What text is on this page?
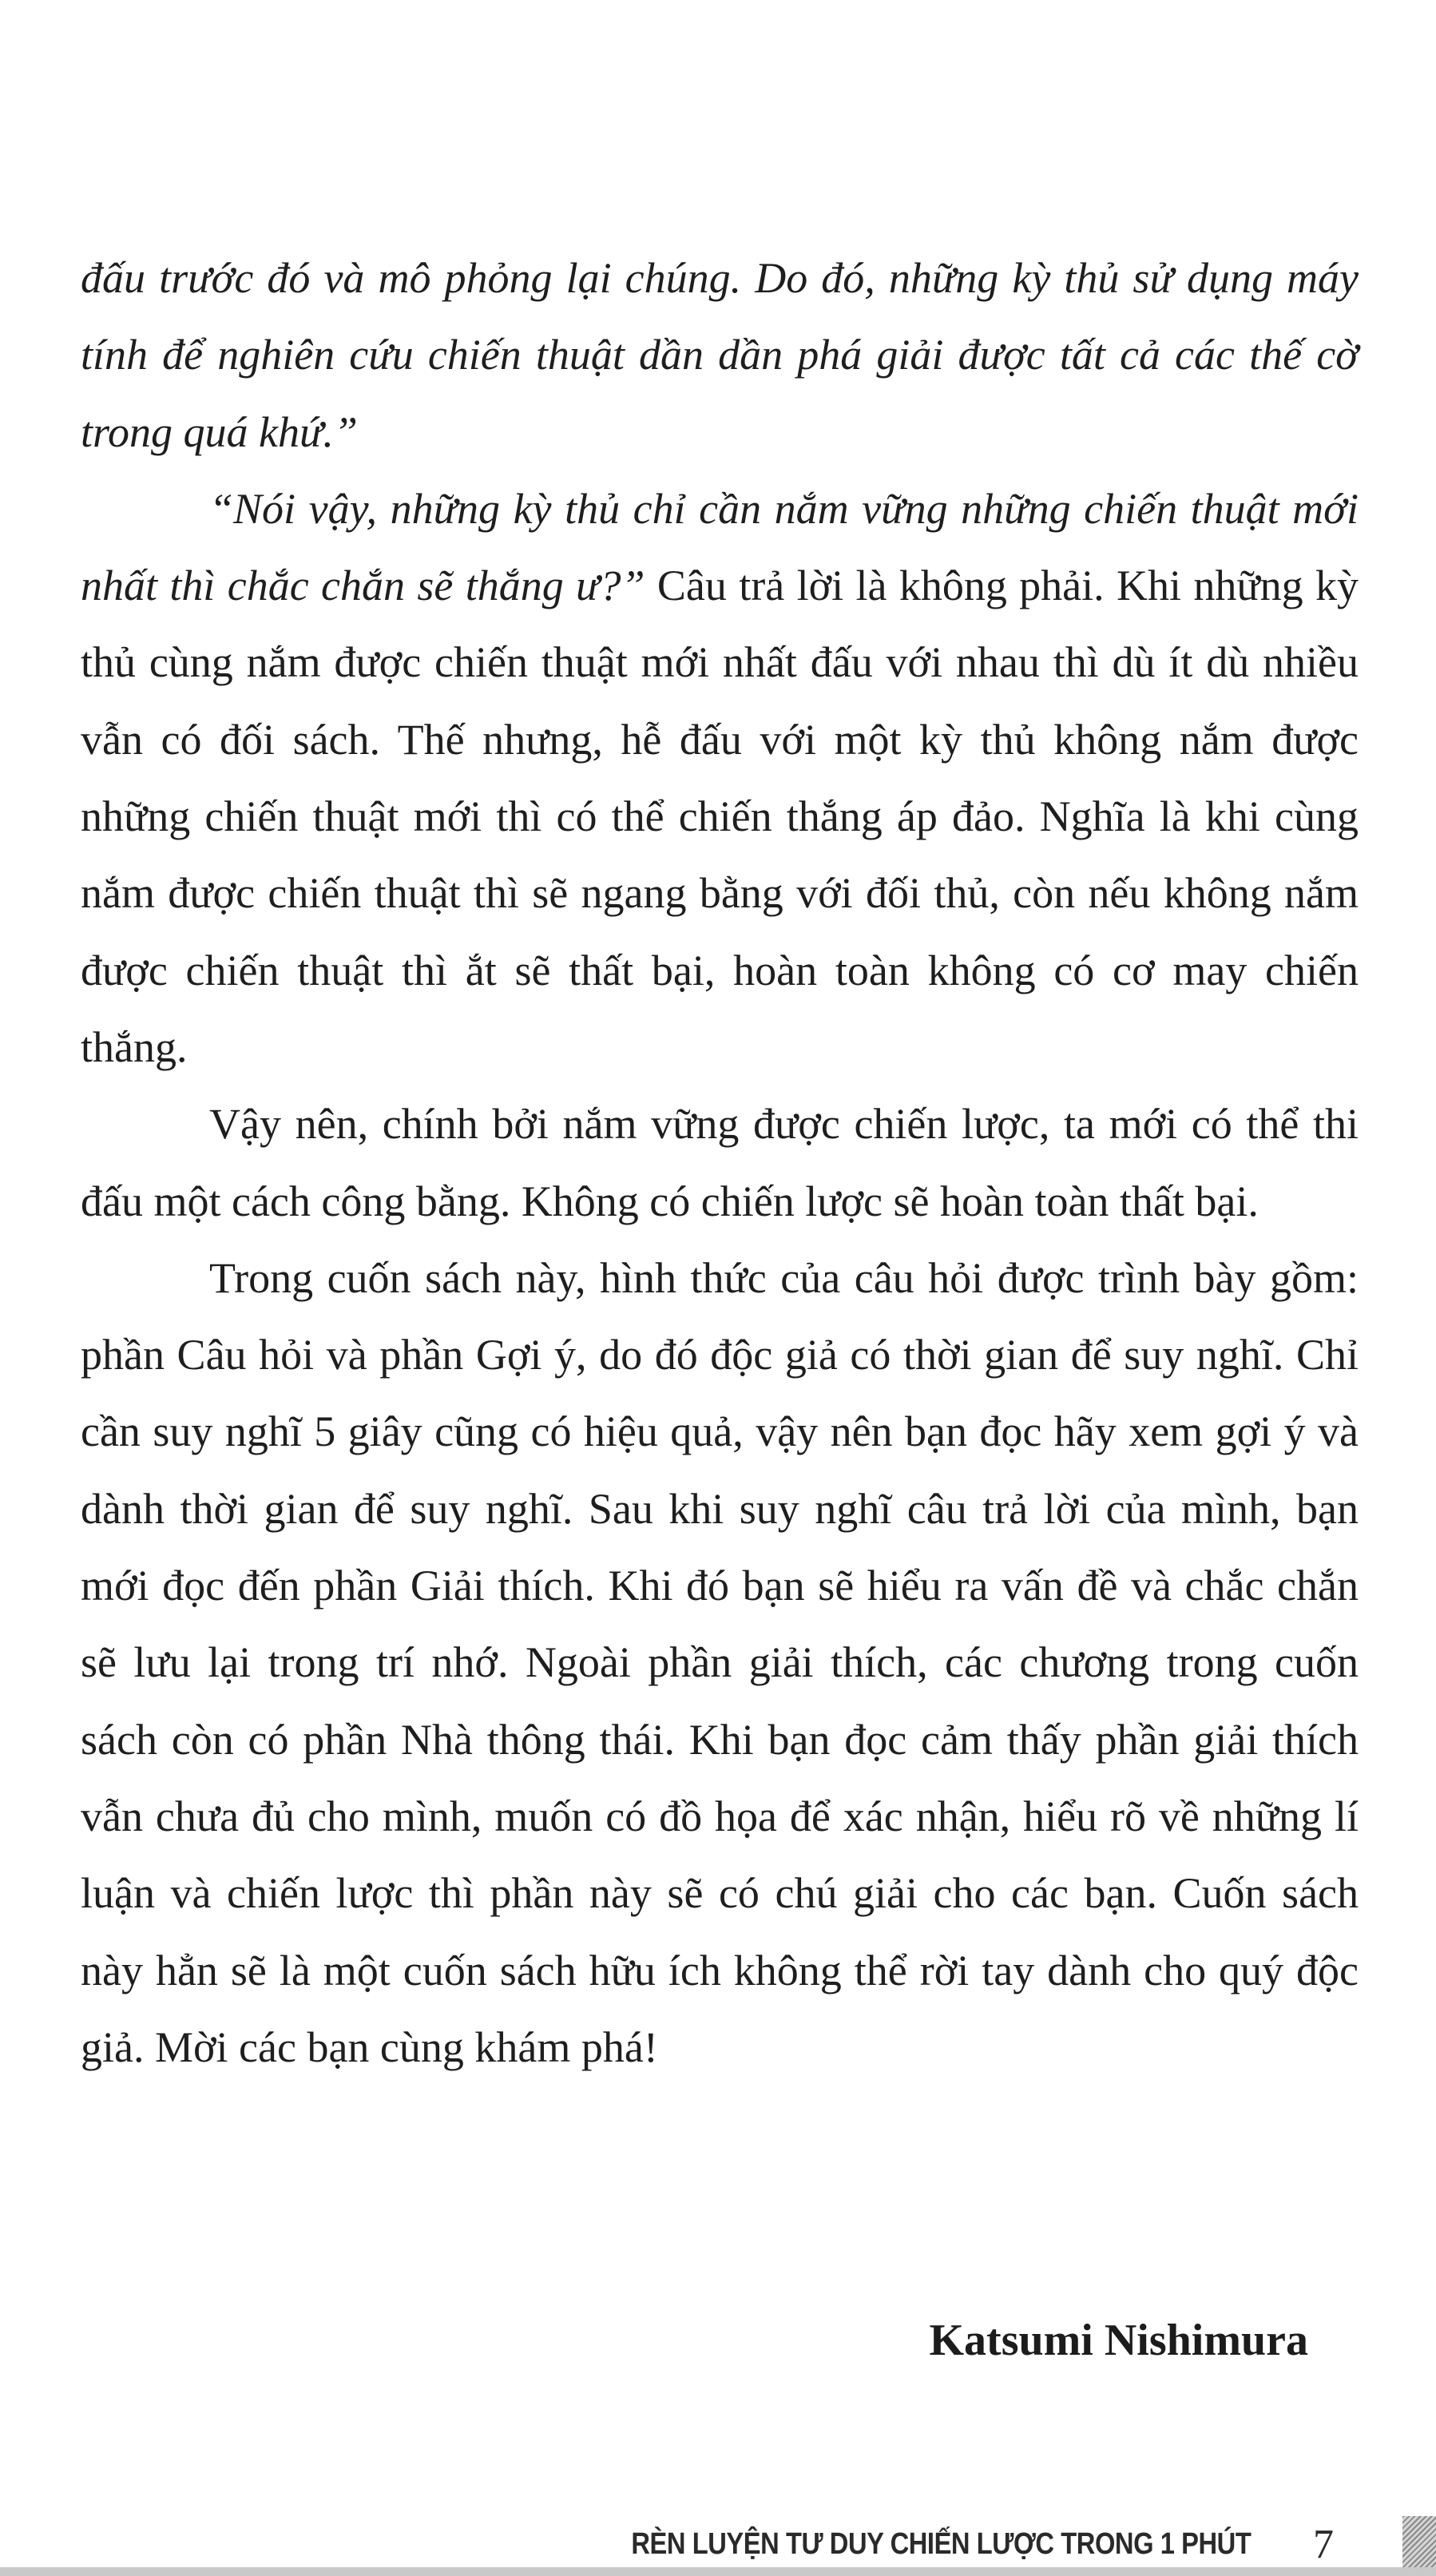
đấu trước đó và mô phỏng lại chúng. Do đó, những kỳ thủ sử dụng máy tính để nghiên cứu chiến thuật dần dần phá giải được tất cả các thế cờ trong quá khứ.”

“Nói vậy, những kỳ thủ chỉ cần nắm vững những chiến thuật mới nhất thì chắc chắn sẽ thắng ư?” Câu trả lời là không phải. Khi những kỳ thủ cùng nắm được chiến thuật mới nhất đấu với nhau thì dù ít dù nhiều vẫn có đối sách. Thế nhưng, hễ đấu với một kỳ thủ không nắm được những chiến thuật mới thì có thể chiến thắng áp đảo. Nghĩa là khi cùng nắm được chiến thuật thì sẽ ngang bằng với đối thủ, còn nếu không nắm được chiến thuật thì ắt sẽ thất bại, hoàn toàn không có cơ may chiến thắng.

Vậy nên, chính bởi nắm vững được chiến lược, ta mới có thể thi đấu một cách công bằng. Không có chiến lược sẽ hoàn toàn thất bại.

Trong cuốn sách này, hình thức của câu hỏi được trình bày gồm: phần Câu hỏi và phần Gợi ý, do đó độc giả có thời gian để suy nghĩ. Chỉ cần suy nghĩ 5 giây cũng có hiệu quả, vậy nên bạn đọc hãy xem gợi ý và dành thời gian để suy nghĩ. Sau khi suy nghĩ câu trả lời của mình, bạn mới đọc đến phần Giải thích. Khi đó bạn sẽ hiểu ra vấn đề và chắc chắn sẽ lưu lại trong trí nhớ. Ngoài phần giải thích, các chương trong cuốn sách còn có phần Nhà thông thái. Khi bạn đọc cảm thấy phần giải thích vẫn chưa đủ cho mình, muốn có đồ họa để xác nhận, hiểu rõ về những lí luận và chiến lược thì phần này sẽ có chú giải cho các bạn. Cuốn sách này hẳn sẽ là một cuốn sách hữu ích không thể rời tay dành cho quý độc giả. Mời các bạn cùng khám phá!

Katsumi Nishimura
RÈN LUYỆN TƯ DUY CHIẾN LƯỢC TRONG 1 PHÚT 7
